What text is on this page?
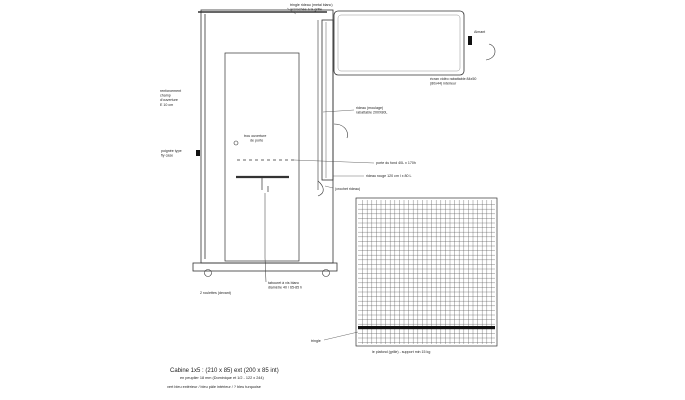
tringle rideau (metal blanc) accrochée à la grille
renforcement champ d'ouverture E 10 cm
poignée type fly case
trou ouverture de porte
Aimant
écran vidéo rabattable 84x50 (80x44) intérieur
rideau (moulage) rabattable 200X80L
porte du fond 40L x 170h
rideau rouge 120 cm l x 80 L
(crochet rideau)
2 roulettes (devant)
tabouret à vis blanc diamètre 40 / 65-85 h
tringle
le plafond (grille) - support min 15 kg
Cabine 1x5 : (210 x 85) ext (200 x 85 int)
en peuplier 18 mm (Dominique et 1/2 - 122 x 244)
vert bleu extérieur / bleu pâle intérieur / ? bleu turquoise
